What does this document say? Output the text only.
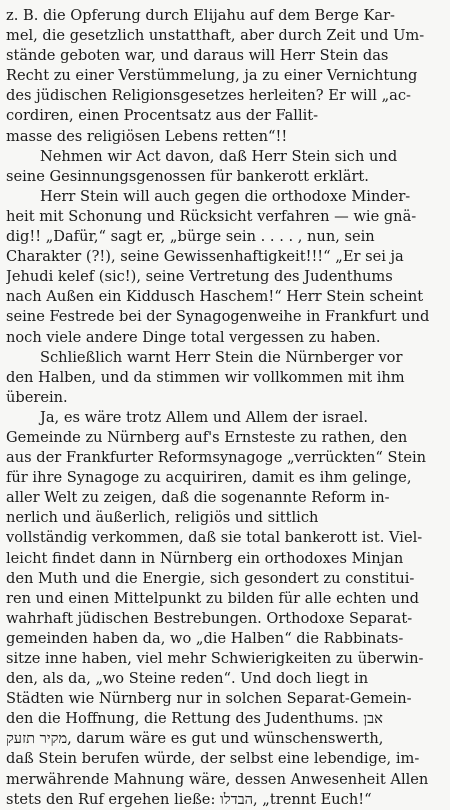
z. B. die Opferung durch Elijahu auf dem Berge Kar-
mel, die gesetzlich unstatthaft, aber durch Zeit und Um-
stände geboten war, und daraus will Herr Stein das
Recht zu einer Verstümmelung, ja zu einer Vernichtung
des jüdischen Religionsgesetzes herleiten? Er will „ac-
cordiren, einen Procentsatz aus der Fallit-
masse des religiösen Lebens retten“!!
Nehmen wir Act davon, daß Herr Stein sich und
seine Gesinnungsgenossen für bankerott erklärt.
Herr Stein will auch gegen die orthodoxe Minder-
heit mit Schonung und Rücksicht verfahren — wie gnä-
dig!! „Dafür,“ sagt er, „bürge sein . . . . , nun, sein
Charakter (?!), seine Gewissenhaftigkeit!!!“ „Er sei ja
Jehudi kelef (sic!), seine Vertretung des Judenthums
nach Außen ein Kiddusch Haschem!“ Herr Stein scheint
seine Festrede bei der Synagogenweihe in Frankfurt und
noch viele andere Dinge total vergessen zu haben.
Schließlich warnt Herr Stein die Nürnberger vor
den Halben, und da stimmen wir vollkommen mit ihm
überein.
Ja, es wäre trotz Allem und Allem der israel.
Gemeinde zu Nürnberg auf's Ernsteste zu rathen, den
aus der Frankfurter Reformsynagoge „verrückten“ Stein
für ihre Synagoge zu acquiriren, damit es ihm gelinge,
aller Welt zu zeigen, daß die sogenannte Reform in-
nerlich und äußerlich, religiös und sittlich
vollständig verkommen, daß sie total bankerott ist. Viel-
leicht findet dann in Nürnberg ein orthodoxes Minjan
den Muth und die Energie, sich gesondert zu constitui-
ren und einen Mittelpunkt zu bilden für alle echten und
wahrhaft jüdischen Bestrebungen. Orthodoxe Separat-
gemeinden haben da, wo „die Halben“ die Rabbinats-
sitze inne haben, viel mehr Schwierigkeiten zu überwin-
den, als da, „wo Steine reden“. Und doch liegt in
Städten wie Nürnberg nur in solchen Separat-Gemein-
den die Hoffnung, die Rettung des Judenthums. אבן
מקיר תזעק, darum wäre es gut und wünschenswerth,
daß Stein berufen würde, der selbst eine lebendige, im-
merwährende Mahnung wäre, dessen Anwesenheit Allen
stets den Ruf ergehen ließe: הבדלו, „trennt Euch!“
